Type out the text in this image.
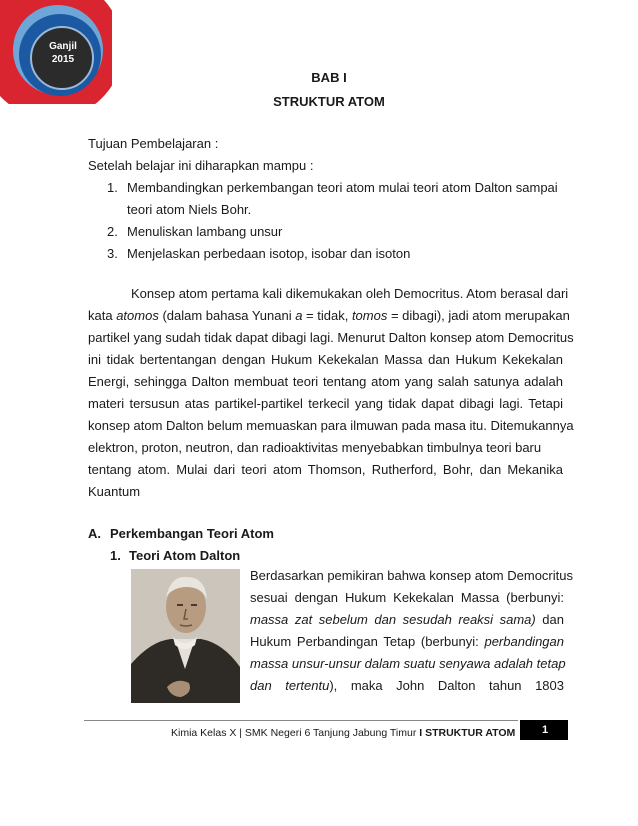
Ganjil
2015
BAB I
STRUKTUR ATOM
Tujuan Pembelajaran :
Setelah belajar ini diharapkan mampu :
1. Membandingkan perkembangan teori atom mulai teori atom Dalton sampai
teori atom Niels Bohr.
2. Menuliskan lambang unsur
3. Menjelaskan perbedaan isotop, isobar dan isoton
Konsep atom pertama kali dikemukakan oleh Democritus. Atom berasal dari
kata atomos (dalam bahasa Yunani a = tidak, tomos = dibagi), jadi atom merupakan
partikel yang sudah tidak dapat dibagi lagi. Menurut Dalton konsep atom Democritus
ini tidak bertentangan dengan Hukum Kekekalan Massa dan Hukum Kekekalan
Energi, sehingga Dalton membuat teori tentang atom yang salah satunya adalah
materi tersusun atas partikel-partikel terkecil yang tidak dapat dibagi lagi. Tetapi
konsep atom Dalton belum memuaskan para ilmuwan pada masa itu. Ditemukannya
elektron, proton, neutron, dan radioaktivitas menyebabkan timbulnya teori baru
tentang atom. Mulai dari teori atom Thomson, Rutherford, Bohr, dan Mekanika
Kuantum
A. Perkembangan Teori Atom
1. Teori Atom Dalton
Berdasarkan pemikiran bahwa konsep atom Democritus
sesuai dengan Hukum Kekekalan Massa (berbunyi:
massa zat sebelum dan sesudah reaksi sama) dan
Hukum Perbandingan Tetap (berbunyi: perbandingan
massa unsur-unsur dalam suatu senyawa adalah tetap
dan tertentu), maka John Dalton tahun 1803
Kimia Kelas X | SMK Negeri 6 Tanjung Jabung Timur I STRUKTUR ATOM 1
